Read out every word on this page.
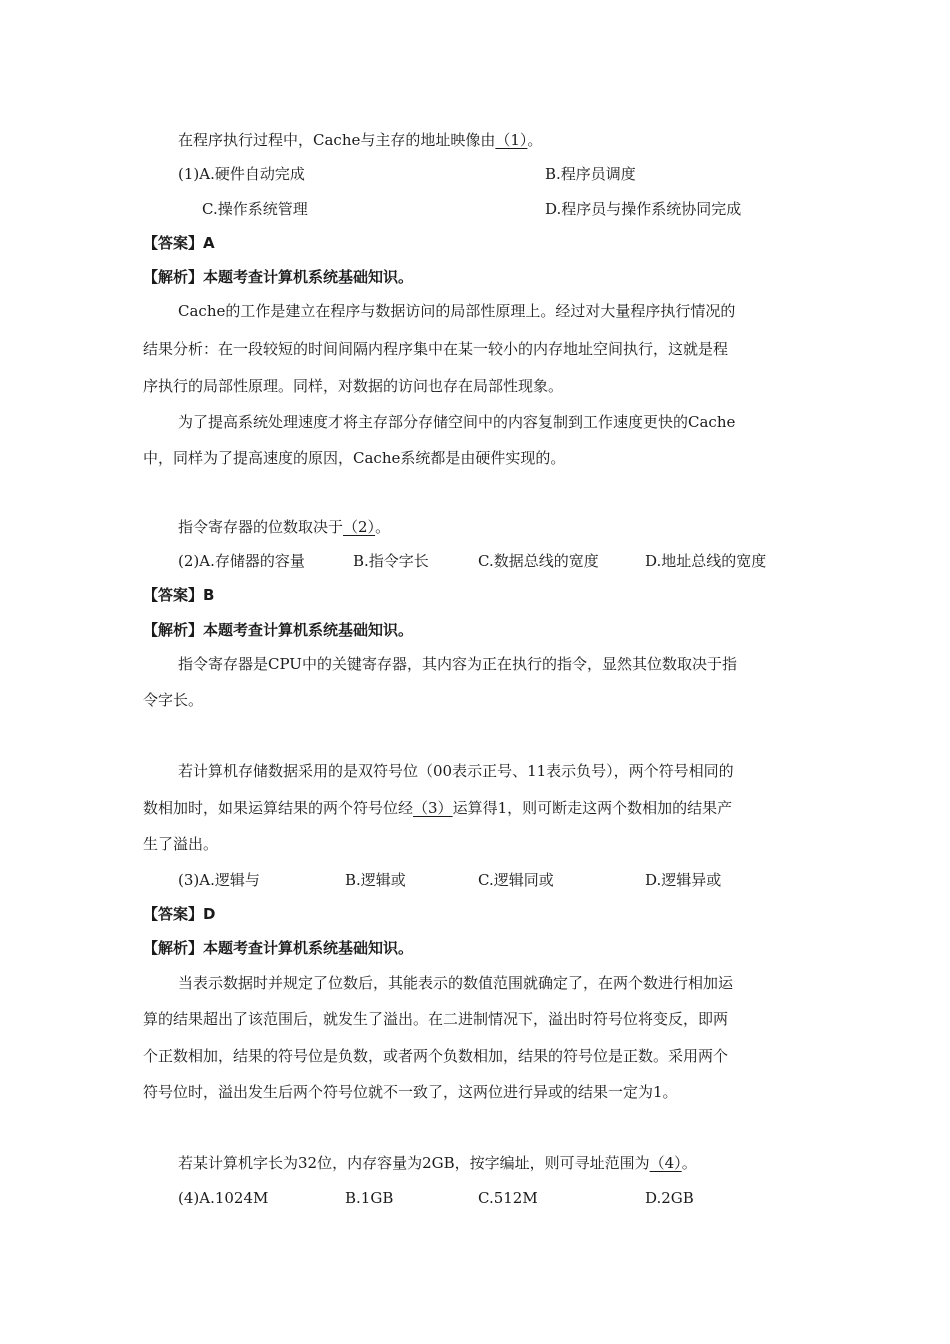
在程序执行过程中，Cache与主存的地址映像由（1）。
(1)A.硬件自动完成	B.程序员调度
C.操作系统管理	D.程序员与操作系统协同完成
【答案】A
【解析】本题考查计算机系统基础知识。
Cache的工作是建立在程序与数据访问的局部性原理上。经过对大量程序执行情况的
结果分析：在一段较短的时间间隔内程序集中在某一较小的内存地址空间执行，这就是程
序执行的局部性原理。同样，对数据的访问也存在局部性现象。
为了提高系统处理速度才将主存部分存储空间中的内容复制到工作速度更快的Cache
中，同样为了提高速度的原因，Cache系统都是由硬件实现的。
指令寄存器的位数取决于（2）。
(2)A.存储器的容量	B.指令字长	C.数据总线的宽度	D.地址总线的宽度
【答案】B
【解析】本题考查计算机系统基础知识。
指令寄存器是CPU中的关键寄存器，其内容为正在执行的指令，显然其位数取决于指
令字长。
若计算机存储数据采用的是双符号位（00表示正号、11表示负号），两个符号相同的
数相加时，如果运算结果的两个符号位经（3）运算得1，则可断走这两个数相加的结果产
生了溢出。
(3)A.逻辑与	B.逻辑或	C.逻辑同或	D.逻辑异或
【答案】D
【解析】本题考查计算机系统基础知识。
当表示数据时并规定了位数后，其能表示的数值范围就确定了，在两个数进行相加运
算的结果超出了该范围后，就发生了溢出。在二进制情况下，溢出时符号位将变反，即两
个正数相加，结果的符号位是负数，或者两个负数相加，结果的符号位是正数。采用两个
符号位时，溢出发生后两个符号位就不一致了，这两位进行异或的结果一定为1。
若某计算机字长为32位，内存容量为2GB，按字编址，则可寻址范围为（4）。
(4)A.1024M	B.1GB	C.512M	D.2GB
